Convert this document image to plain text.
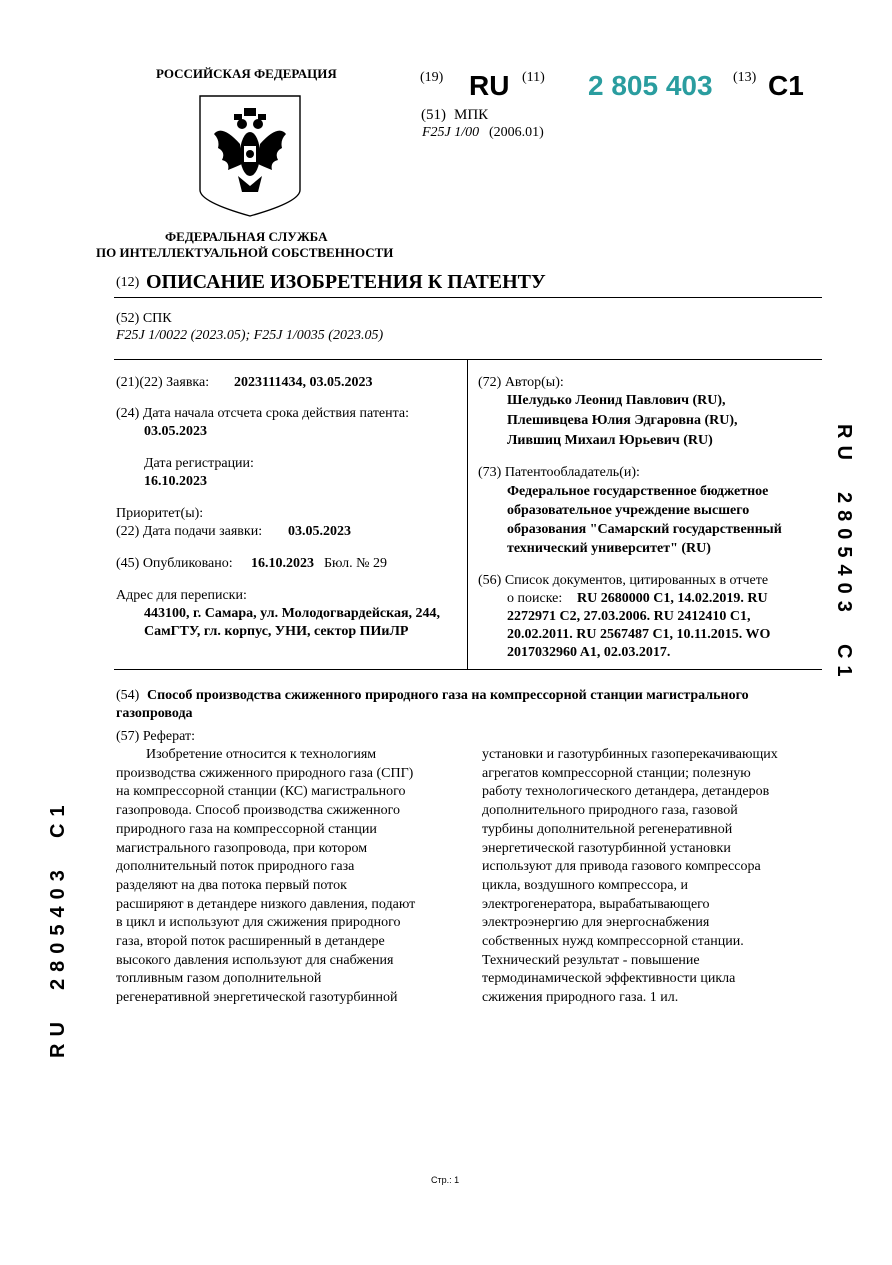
РОССИЙСКАЯ ФЕДЕРАЦИЯ
ФЕДЕРАЛЬНАЯ СЛУЖБА
ПО ИНТЕЛЛЕКТУАЛЬНОЙ СОБСТВЕННОСТИ
(19) RU (11) 2 805 403 (13) C1
(51) МПК
F25J 1/00 (2006.01)
(12) ОПИСАНИЕ ИЗОБРЕТЕНИЯ К ПАТЕНТУ
(52) СПК
F25J 1/0022 (2023.05); F25J 1/0035 (2023.05)
(21)(22) Заявка: 2023111434, 03.05.2023
(24) Дата начала отсчета срока действия патента:
03.05.2023
Дата регистрации:
16.10.2023
Приоритет(ы):
(22) Дата подачи заявки: 03.05.2023
(45) Опубликовано: 16.10.2023 Бюл. № 29
Адрес для переписки:
443100, г. Самара, ул. Молодогвардейская, 244,
СамГТУ, гл. корпус, УНИ, сектор ПИиЛР
(72) Автор(ы):
Шелудько Леонид Павлович (RU),
Плешивцева Юлия Эдгаровна (RU),
Лившиц Михаил Юрьевич (RU)
(73) Патентообладатель(и):
Федеральное государственное бюджетное
образовательное учреждение высшего
образования "Самарский государственный
технический университет" (RU)
(56) Список документов, цитированных в отчете
о поиске: RU 2680000 C1, 14.02.2019. RU
2272971 C2, 27.03.2006. RU 2412410 C1,
20.02.2011. RU 2567487 C1, 10.11.2015. WO
2017032960 A1, 02.03.2017.
(54) Способ производства сжиженного природного газа на компрессорной станции магистрального
газопровода
(57) Реферат:
Изобретение относится к технологиям
производства сжиженного природного газа (СПГ)
на компрессорной станции (КС) магистрального
газопровода. Способ производства сжиженного
природного газа на компрессорной станции
магистрального газопровода, при котором
дополнительный поток природного газа
разделяют на два потока первый поток
расширяют в детандере низкого давления, подают
в цикл и используют для сжижения природного
газа, второй поток расширенный в детандере
высокого давления используют для снабжения
топливным газом дополнительной
регенеративной энергетической газотурбинной
установки и газотурбинных газоперекачивающих
агрегатов компрессорной станции; полезную
работу технологического детандера, детандеров
дополнительного природного газа, газовой
турбины дополнительной регенеративной
энергетической газотурбинной установки
используют для привода газового компрессора
цикла, воздушного компрессора, и
электрогенератора, вырабатывающего
электроэнергию для энергоснабжения
собственных нужд компрессорной станции.
Технический результат - повышение
термодинамической эффективности цикла
сжижения природного газа. 1 ил.
RU  2805403  C1
RU  2805403  C1
Стр.: 1
